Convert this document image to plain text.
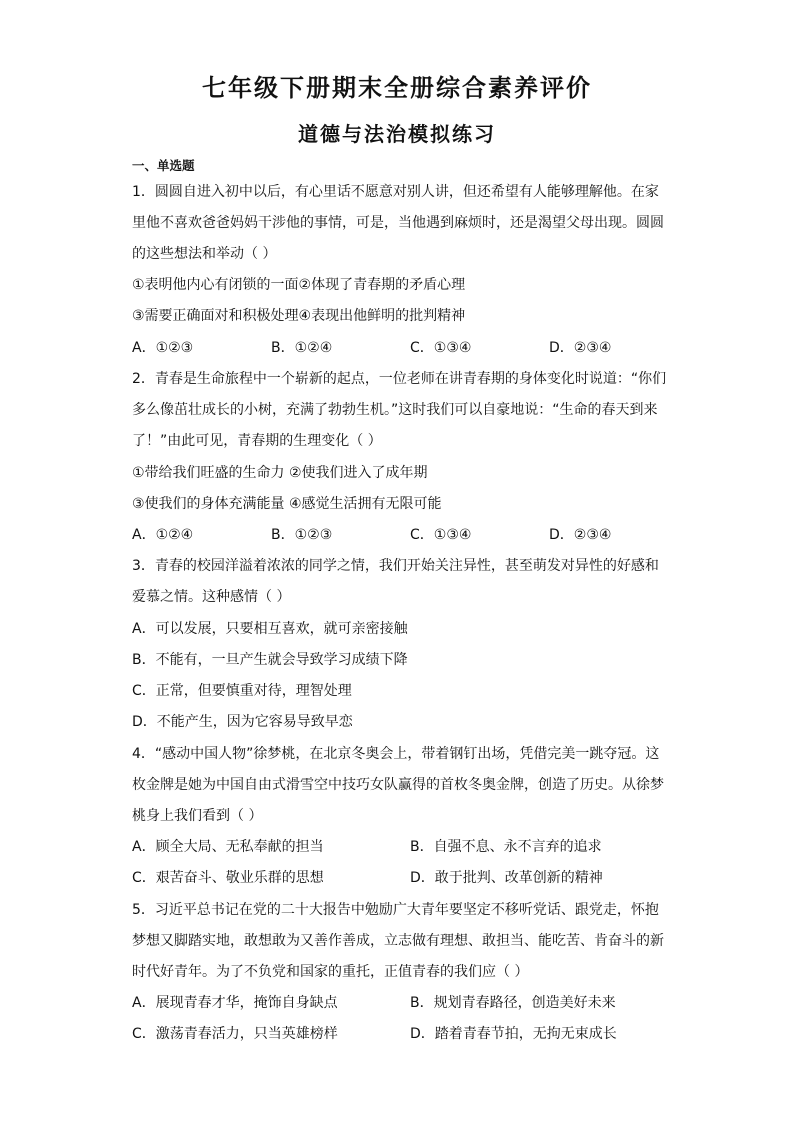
七年级下册期末全册综合素养评价
道德与法治模拟练习
一、单选题
1．圆圆自进入初中以后，有心里话不愿意对别人讲，但还希望有人能够理解他。在家
里他不喜欢爸爸妈妈干涉他的事情，可是，当他遇到麻烦时，还是渴望父母出现。圆圆
的这些想法和举动（ ）
①表明他内心有闭锁的一面②体现了青春期的矛盾心理
③需要正确面对和积极处理④表现出他鲜明的批判精神
A．①②③	B．①②④	C．①③④	D．②③④
2．青春是生命旅程中一个崭新的起点，一位老师在讲青春期的身体变化时说道：“你们
多么像茁壮成长的小树，充满了勃勃生机。”这时我们可以自豪地说：“生命的春天到来
了！”由此可见，青春期的生理变化（ ）
①带给我们旺盛的生命力 ②使我们进入了成年期
③使我们的身体充满能量 ④感觉生活拥有无限可能
A．①②④	B．①②③	C．①③④	D．②③④
3．青春的校园洋溢着浓浓的同学之情，我们开始关注异性，甚至萌发对异性的好感和
爱慕之情。这种感情（ ）
A．可以发展，只要相互喜欢，就可亲密接触
B．不能有，一旦产生就会导致学习成绩下降
C．正常，但要慎重对待，理智处理
D．不能产生，因为它容易导致早恋
4．“感动中国人物”徐梦桃，在北京冬奥会上，带着钢钉出场，凭借完美一跳夺冠。这
枚金牌是她为中国自由式滑雪空中技巧女队赢得的首枚冬奥金牌，创造了历史。从徐梦
桃身上我们看到（ ）
A．顾全大局、无私奉献的担当	B．自强不息、永不言弃的追求
C．艰苦奋斗、敬业乐群的思想	D．敢于批判、改革创新的精神
5．习近平总书记在党的二十大报告中勉励广大青年要坚定不移听党话、跟党走，怀抱
梦想又脚踏实地，敢想敢为又善作善成，立志做有理想、敢担当、能吃苦、肯奋斗的新
时代好青年。为了不负党和国家的重托，正值青春的我们应（ ）
A．展现青春才华，掩饰自身缺点	B．规划青春路径，创造美好未来
C．激荡青春活力，只当英雄榜样	D．踏着青春节拍，无拘无束成长
